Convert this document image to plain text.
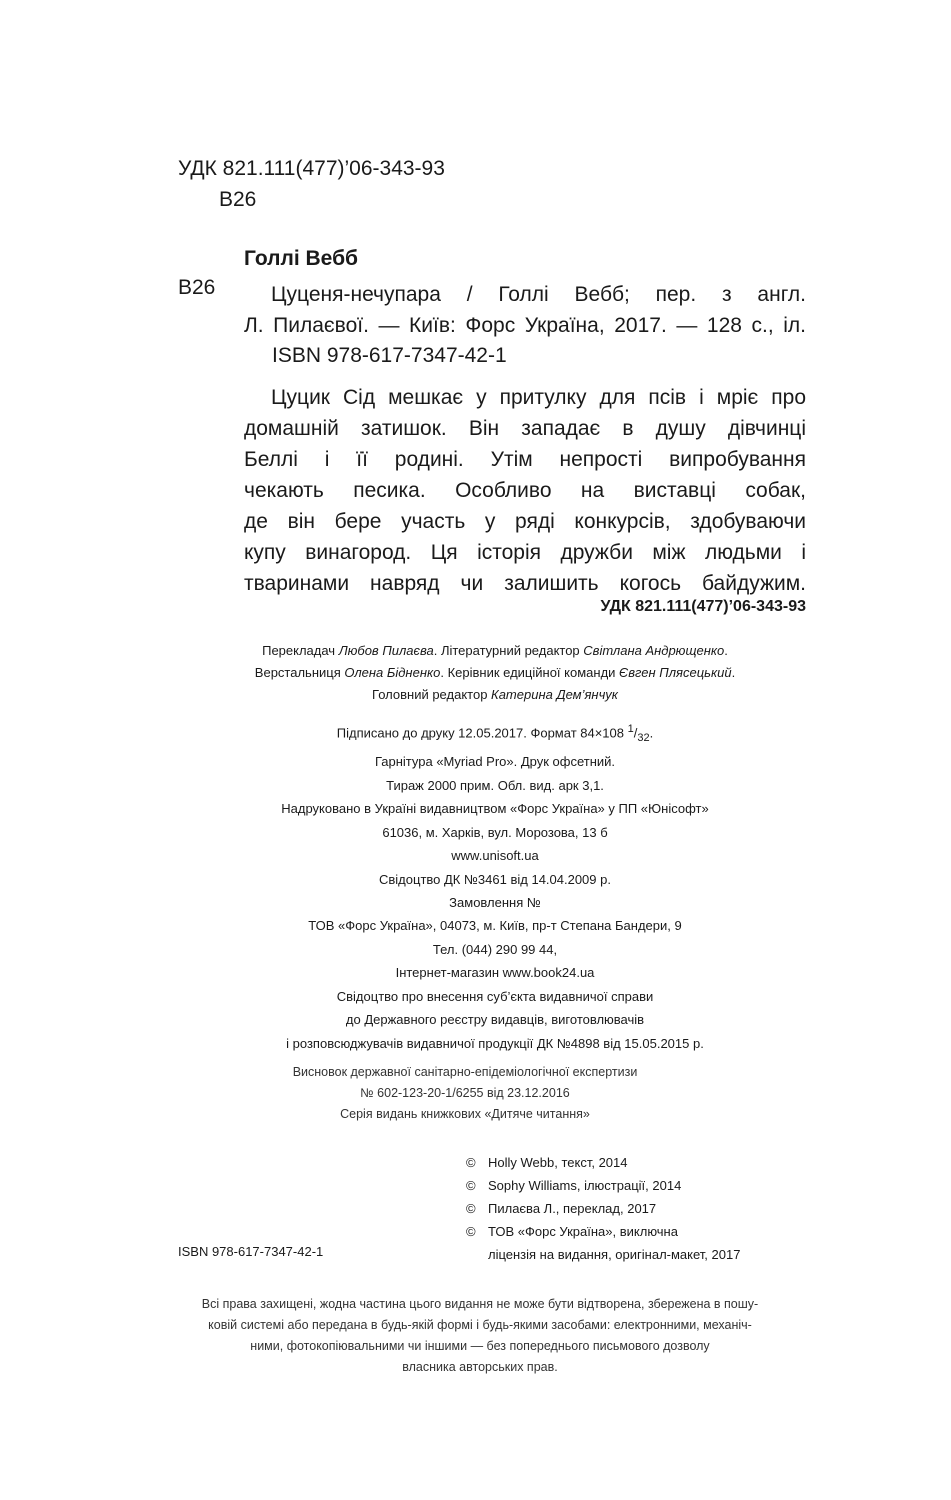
УДК 821.111(477)’06-343-93
В26
Голлі Вебб
В26	Цуценя-нечупара / Голлі Вебб; пер. з англ.
Л. Пилаєвої. — Київ: Форс Україна, 2017. — 128 с., іл.
ISBN 978-617-7347-42-1
Цуцик Сід мешкає у притулку для псів і мріє про
домашній затишок. Він западає в душу дівчинці
Беллі і її родині. Утім непрості випробування
чекають песика. Особливо на виставці собак,
де він бере участь у ряді конкурсів, здобуваючи
купу винагород. Ця історія дружби між людьми і
тваринами навряд чи залишить когось байдужим.
УДК 821.111(477)’06-343-93
Перекладач Любов Пилаєва. Літературний редактор Світлана Андрющенко.
Верстальниця Олена Бідненко. Керівник едиційної команди Євген Плясецький.
Головний редактор Катерина Дем’янчук
Підписано до друку 12.05.2017. Формат 84×108 $^1/_{32}$.
Гарнітура «Myriad Pro». Друк офсетний.
Тираж 2000 прим. Обл. вид. арк 3,1.
Надруковано в Україні видавництвом «Форс Україна» у ПП «Юнісофт»
61036, м. Харків, вул. Морозова, 13 б
www.unisoft.ua
Свідоцтво ДК №3461 від 14.04.2009 р.
Замовлення №
ТОВ «Форс Україна», 04073, м. Київ, пр-т Степана Бандери, 9
Тел. (044) 290 99 44,
Інтернет-магазин www.book24.ua
Свідоцтво про внесення суб’єкта видавничої справи
до Державного реєстру видавців, виготовлювачів
і розповсюджувачів видавничої продукції ДК №4898 від 15.05.2015 р.
Висновок державної санітарно-епідеміологічної експертизи
№ 602-123-20-1/6255 від 23.12.2016
Серія видань книжкових «Дитяче читання»
© Holly Webb, текст, 2014
© Sophy Williams, ілюстрації, 2014
© Пилаєва Л., переклад, 2017
© ТОВ «Форс Україна», виключна
ліцензія на видання, оригінал-макет, 2017
ISBN 978-617-7347-42-1
Всі права захищені, жодна частина цього видання не може бути відтворена, збережена в пошу-
ковій системі або передана в будь-якій формі і будь-якими засобами: електронними, механіч-
ними, фотокопіювальними чи іншими — без попереднього письмового дозволу
власника авторських прав.
